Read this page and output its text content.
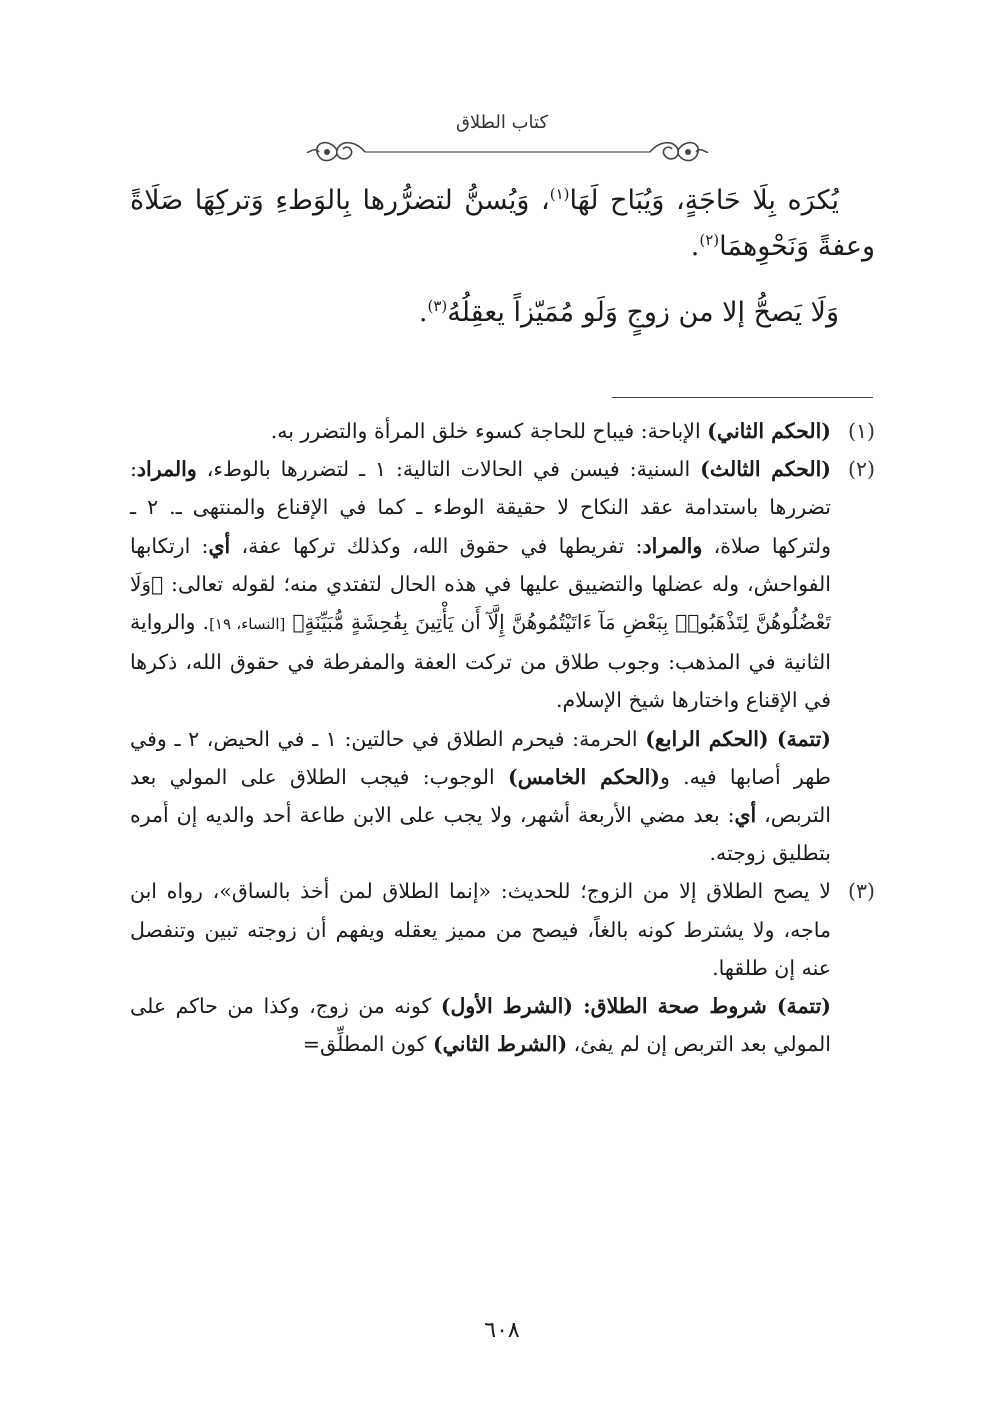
كتاب الطلاق

يُكرَه بِلَا حَاجَةٍ، وَيُبَاح لَهَا$^{(١)}$، وَيُسنُّ لتضرُّرها بِالوَطءِ وَتركِهَا صَلَاةً وعفةً وَنَحْوِهمَا$^{(٢)}$.

وَلَا يَصحُّ إلا من زوجٍ وَلَو مُمَيّزاً يعقِلُهُ$^{(٣)}$.

(١)

(الحكم الثاني) الإباحة: فيباح للحاجة كسوء خلق المرأة والتضرر به.

(٢)

(الحكم الثالث) السنية: فيسن في الحالات التالية: ١ ـ لتضررها بالوطء، والمراد: تضررها باستدامة عقد النكاح لا حقيقة الوطء ـ كما في الإقناع والمنتهى ـ. ٢ ـ ولتركها صلاة، والمراد: تفريطها في حقوق الله، وكذلك تركها عفة، أي: ارتكابها الفواحش، وله عضلها والتضييق عليها في هذه الحال لتفتدي منه؛ لقوله تعالى: ﴿وَلَا تَعْضُلُوهُنَّ لِتَذْهَبُوا۟ بِبَعْضِ مَآ ءَاتَيْتُمُوهُنَّ إِلَّآ أَن يَأْتِينَ بِفَٰحِشَةٍ مُّبَيِّنَةٍ﴾ [النساء، ١٩]. والرواية الثانية في المذهب: وجوب طلاق من تركت العفة والمفرطة في حقوق الله، ذكرها في الإقناع واختارها شيخ الإسلام.

(تتمة) (الحكم الرابع) الحرمة: فيحرم الطلاق في حالتين: ١ ـ في الحيض، ٢ ـ وفي طهر أصابها فيه. و(الحكم الخامس) الوجوب: فيجب الطلاق على المولي بعد التربص، أي: بعد مضي الأربعة أشهر، ولا يجب على الابن طاعة أحد والديه إن أمره بتطليق زوجته.

(٣)

لا يصح الطلاق إلا من الزوج؛ للحديث: «إنما الطلاق لمن أخذ بالساق»، رواه ابن ماجه، ولا يشترط كونه بالغاً، فيصح من مميز يعقله ويفهم أن زوجته تبين وتنفصل عنه إن طلقها.

(تتمة) شروط صحة الطلاق: (الشرط الأول) كونه من زوج، وكذا من حاكم على المولي بعد التربص إن لم يفئ، (الشرط الثاني) كون المطلِّق=

٦٠٨
